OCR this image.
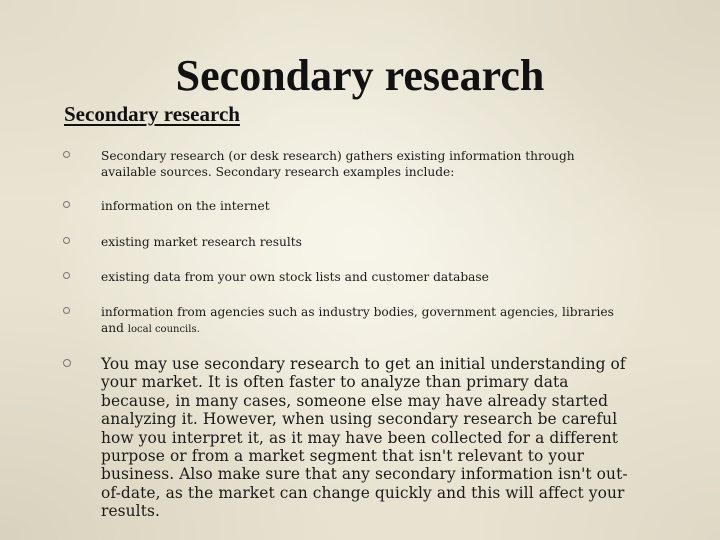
Secondary research
Secondary research
Secondary research (or desk research) gathers existing information through available sources. Secondary research examples include:
information on the internet
existing market research results
existing data from your own stock lists and customer database
information from agencies such as industry bodies, government agencies, libraries and local councils.
You may use secondary research to get an initial understanding of your market. It is often faster to analyze than primary data because, in many cases, someone else may have already started analyzing it. However, when using secondary research be careful how you interpret it, as it may have been collected for a different purpose or from a market segment that isn't relevant to your business. Also make sure that any secondary information isn't out-of-date, as the market can change quickly and this will affect your results.
